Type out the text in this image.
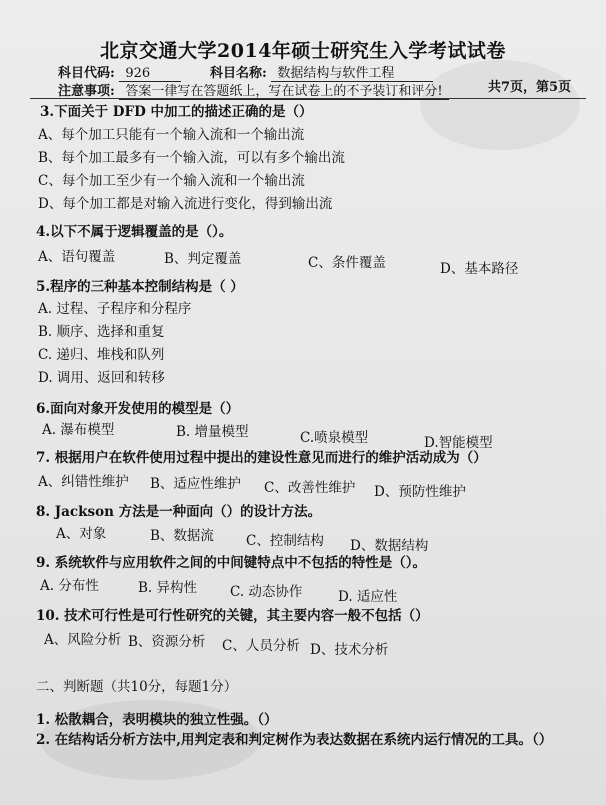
北京交通大学2014年硕士研究生入学考试试卷
科目代码: 926	科目名称: 数据结构与软件工程
共7页，第5页
注意事项: 答案一律写在答题纸上，写在试卷上的不予装订和评分!
3.下面关于 DFD 中加工的描述正确的是（）
A、每个加工只能有一个输入流和一个输出流
B、每个加工最多有一个输入流，可以有多个输出流
C、每个加工至少有一个输入流和一个输出流
D、每个加工都是对输入流进行变化，得到输出流
4.以下不属于逻辑覆盖的是（）。
A、语句覆盖	B、判定覆盖	C、条件覆盖	D、基本路径
5.程序的三种基本控制结构是（ ）
A. 过程、子程序和分程序
B. 顺序、选择和重复
C. 递归、堆栈和队列
D. 调用、返回和转移
6.面向对象开发使用的模型是（）
A. 瀑布模型	B. 增量模型	C.喷泉模型	D.智能模型
7. 根据用户在软件使用过程中提出的建设性意见而进行的维护活动成为（）
A、纠错性维护 B、适应性维护 C、改善性维护 D、预防性维护
8. Jackson 方法是一种面向（）的设计方法。
A、对象	B、数据流 C、控制结构 D、数据结构
9. 系统软件与应用软件之间的中间键特点中不包括的特性是（）。
A. 分布性	B. 异构性 C. 动态协作	D. 适应性
10. 技术可行性是可行性研究的关键，其主要内容一般不包括（）
A、风险分析 B、资源分析 C、人员分析 D、技术分析
二、判断题（共10分，每题1分）
1. 松散耦合，表明模块的独立性强。（）
2. 在结构话分析方法中,用判定表和判定树作为表达数据在系统内运行情况的工具。（）
